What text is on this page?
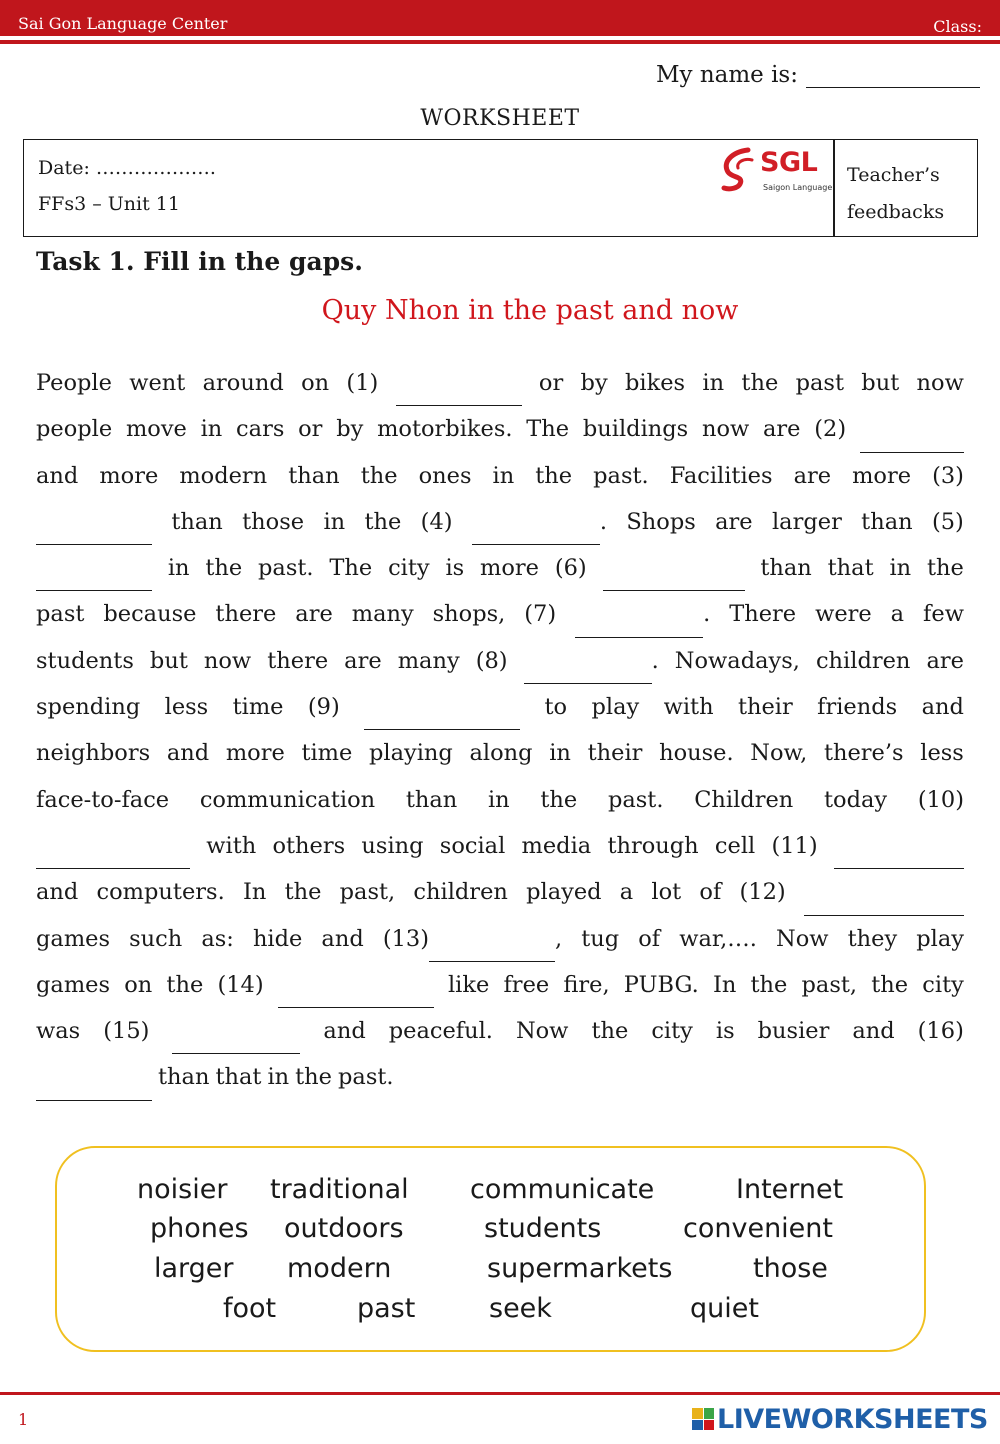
Sai Gon Language Center	Class:
My name is:
WORKSHEET
Date: ……………….
FFs3 – Unit 11
SGL
Saigon Language
Teacher’s
feedbacks
Task 1. Fill in the gaps.
Quy Nhon in the past and now
People went around on (1)	or by bikes in the past but now
people move in cars or by motorbikes. The buildings now are (2)
and more modern than the ones in the past. Facilities are more (3)
than those in the (4)	. Shops are larger than (5)
in the past. The city is more (6)	than that in the
past because there are many shops, (7)	. There were a few
students but now there are many (8)	. Nowadays, children are
spending less time (9)	to play with their friends and
neighbors and more time playing along in their house. Now, there’s less
face-to-face communication than in the past. Children today (10)
with others using social media through cell (11)
and computers. In the past, children played a lot of (12)
games such as: hide and (13)	, tug of war,…. Now they play
games on the (14)	like free fire, PUBG. In the past, the city
was (15)	and peaceful. Now the city is busier and (16)
than that in the past.
noisier traditional communicate	Internet
phones outdoors	students	convenient
larger modern	supermarkets	those
foot	past	seek	quiet
1	LIVEWORKSHEETS
